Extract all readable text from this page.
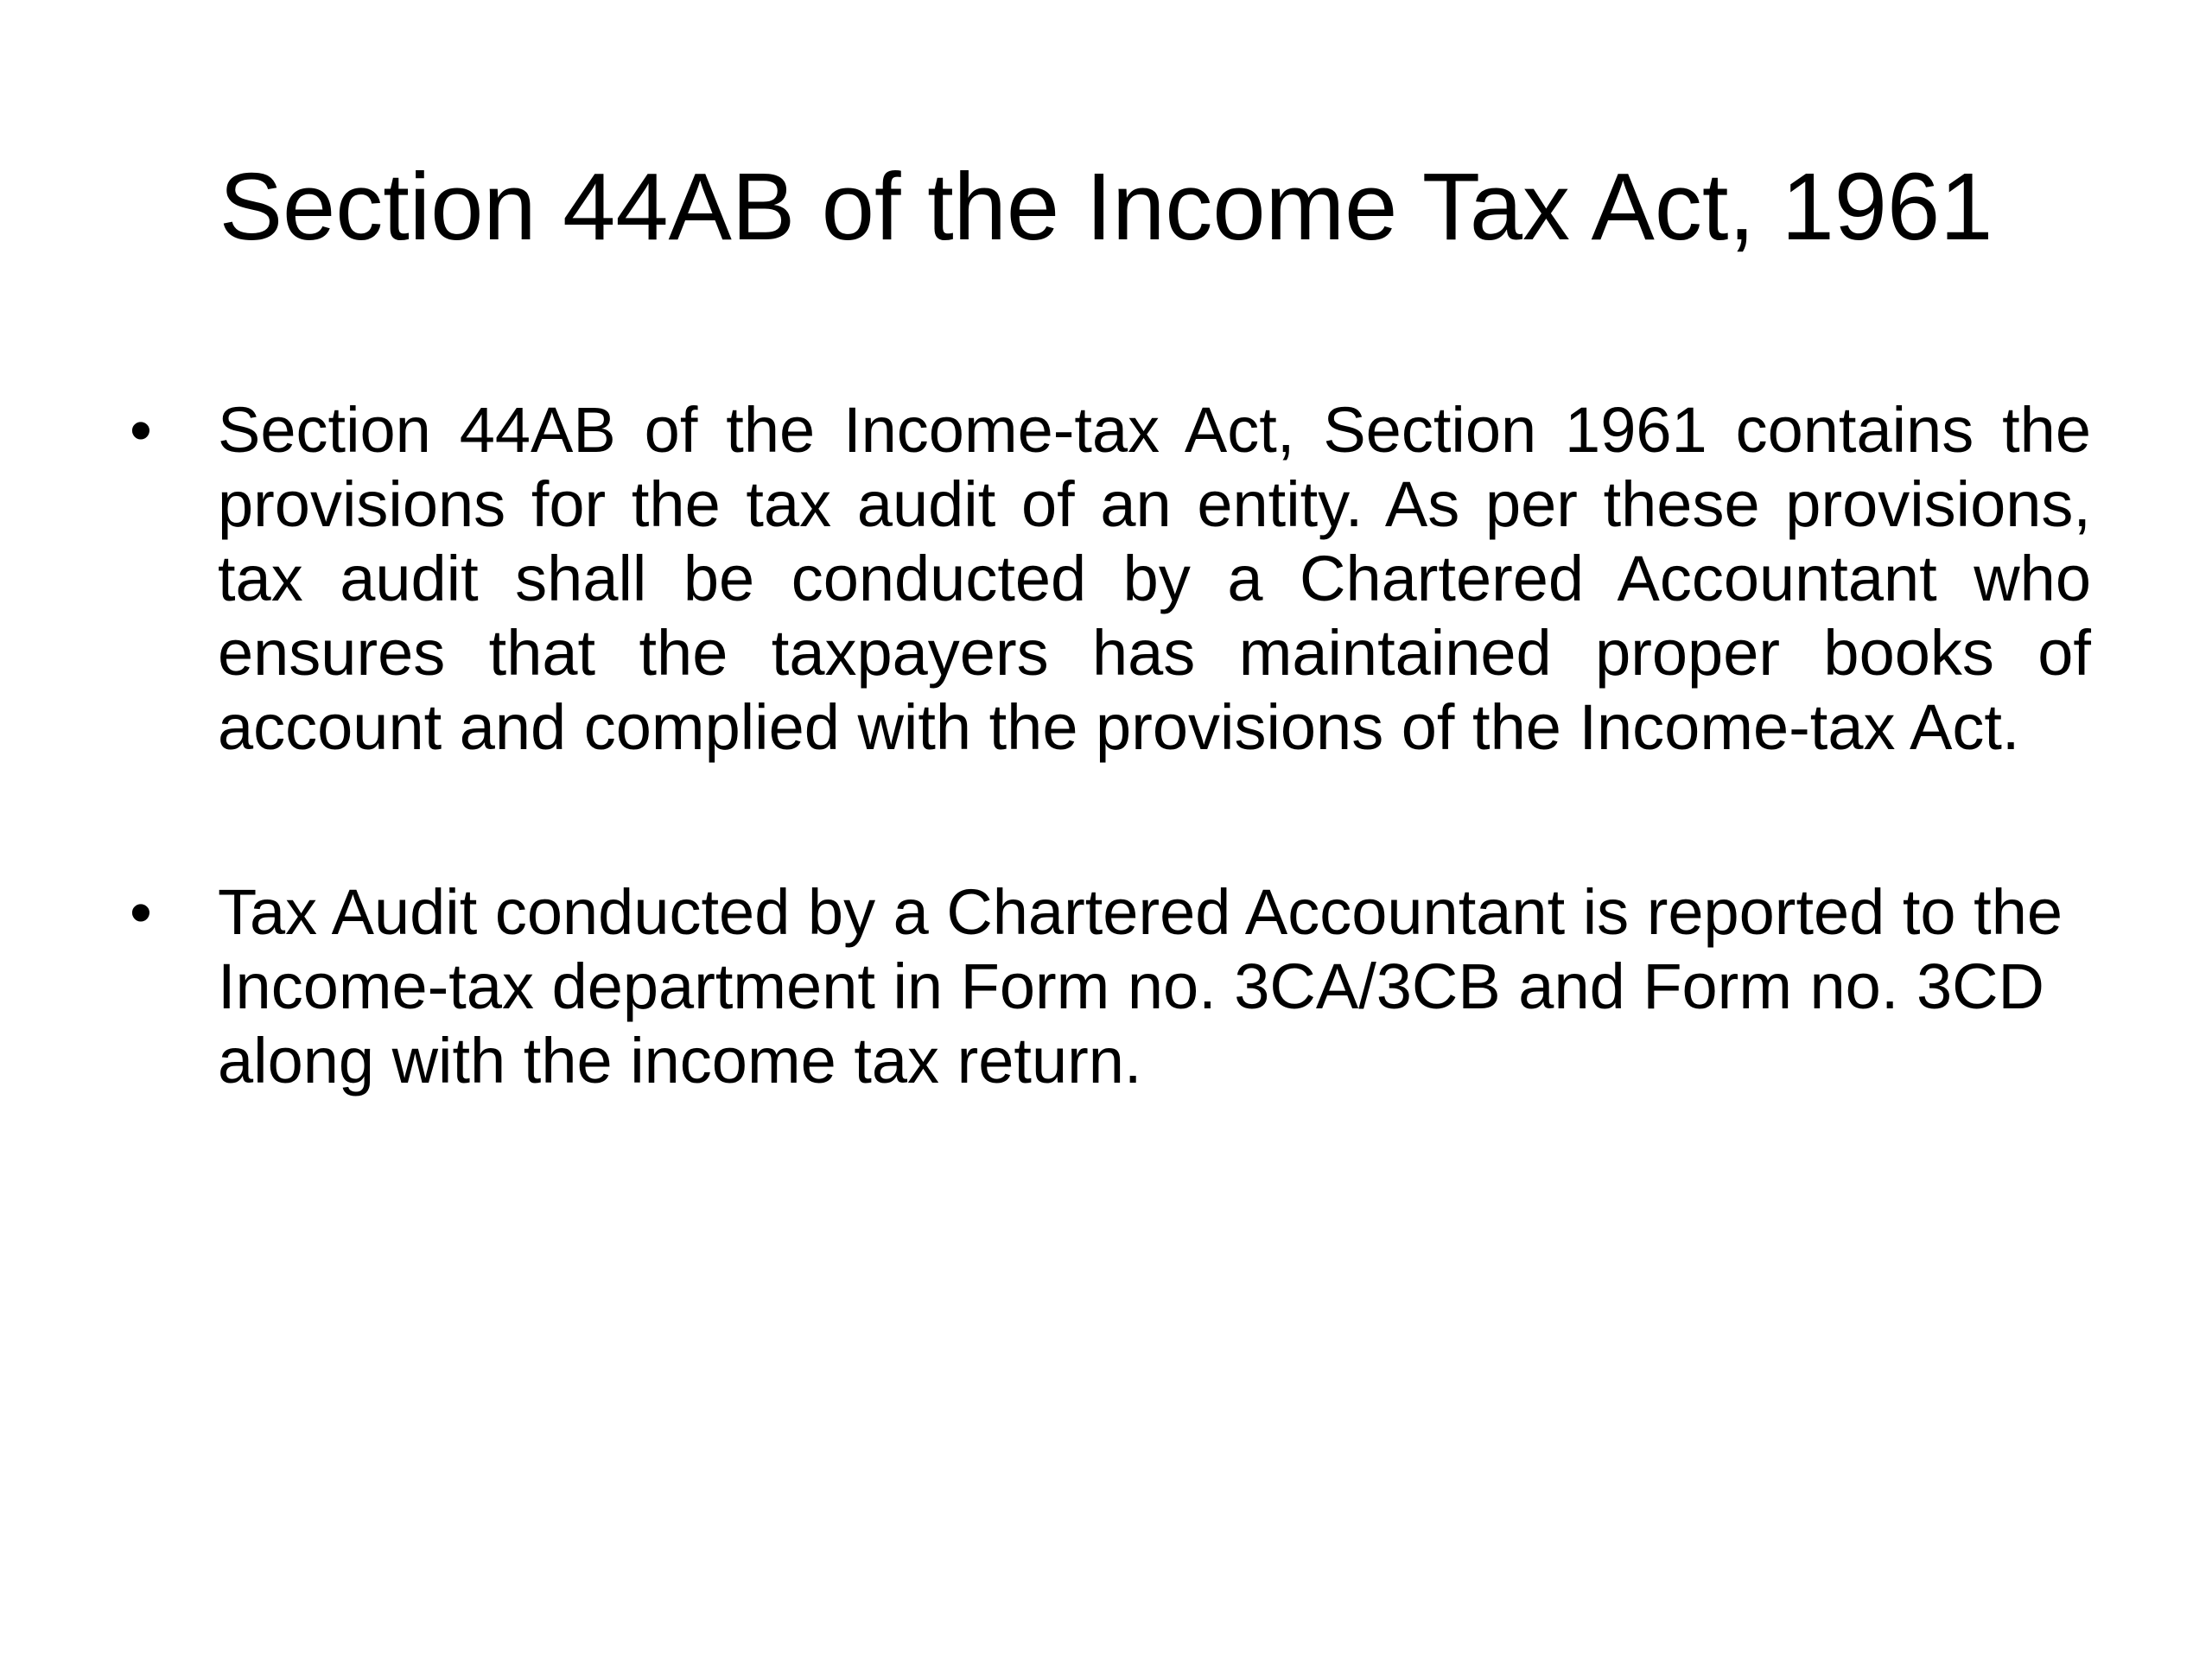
Section 44AB of the Income Tax Act, 1961
• Section 44AB of the Income-tax Act, Section 1961 contains the provisions for the tax audit of an entity. As per these provisions, tax audit shall be conducted by a Chartered Accountant who ensures that the taxpayers has maintained proper books of account and complied with the provisions of the Income-tax Act.
• Tax Audit conducted by a Chartered Accountant is reported to the Income-tax department in Form no. 3CA/3CB and Form no. 3CD along with the income tax return.
